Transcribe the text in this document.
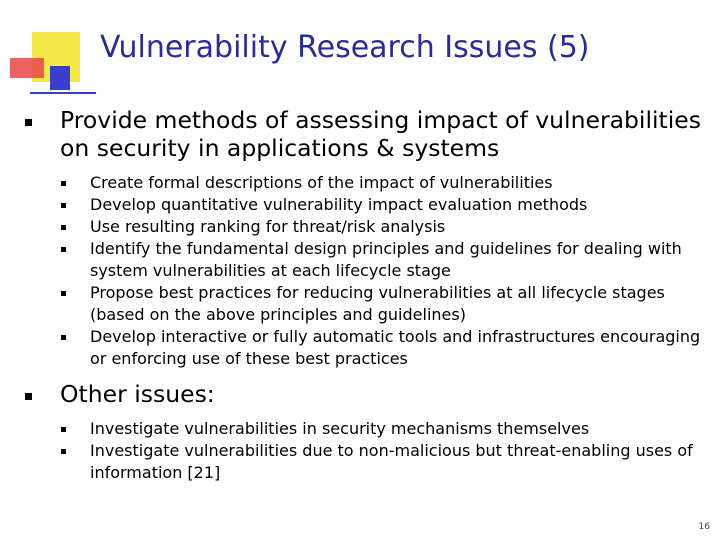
Vulnerability Research Issues (5)
Provide methods of assessing impact of vulnerabilities on security in applications & systems
Create formal descriptions of the impact of vulnerabilities
Develop quantitative vulnerability impact evaluation methods
Use resulting ranking for threat/risk analysis
Identify the fundamental design principles and guidelines for dealing with system vulnerabilities at each lifecycle stage
Propose best practices for reducing vulnerabilities at all lifecycle stages (based on the above principles and guidelines)
Develop interactive or fully automatic tools and infrastructures encouraging or enforcing use of these best practices
Other issues:
Investigate vulnerabilities in security mechanisms themselves
Investigate vulnerabilities due to non-malicious but threat-enabling uses of information [21]
16
